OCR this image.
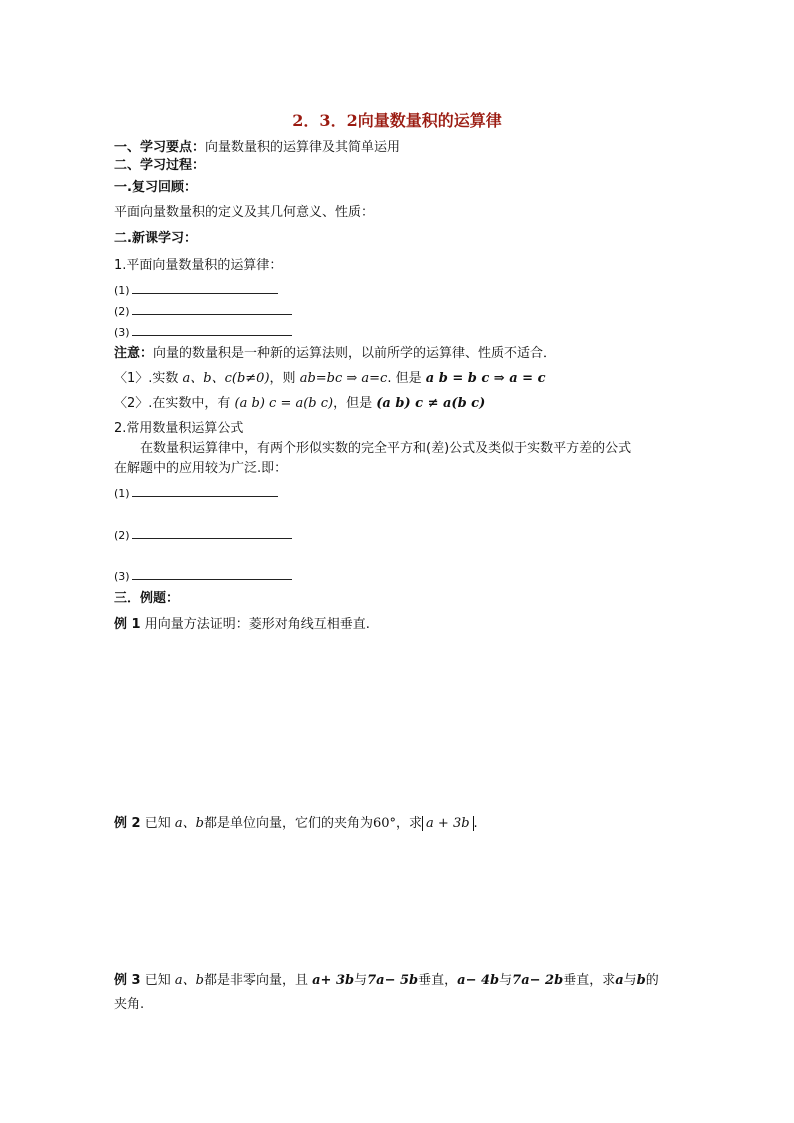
2．3．2向量数量积的运算律
一、学习要点：向量数量积的运算律及其简单运用
二、学习过程：
一.复习回顾：
平面向量数量积的定义及其几何意义、性质：
二.新课学习：
1.平面向量数量积的运算律：
(1)
(2)
(3)
注意：向量的数量积是一种新的运算法则，以前所学的运算律、性质不适合．
〈1〉.实数 a、b、c(b≠0)，则 ab=bc ⇒ a=c. 但是 a b = b c ⇒ a = c
〈2〉.在实数中，有 (a b) c = a(b c)，但是 (a b) c ≠ a(b c)
2.常用数量积运算公式
在数量积运算律中，有两个形似实数的完全平方和(差)公式及类似于实数平方差的公式
在解题中的应用较为广泛.即：
(1)
(2)
(3)
三．例题：
例 1 用向量方法证明：菱形对角线互相垂直.
例 2 已知 a、b都是单位向量，它们的夹角为60°，求 a + 3b .
例 3 已知 a、b都是非零向量，且 a+ 3b与7a− 5b垂直，a− 4b与7a− 2b垂直，求a与b的
夹角.
